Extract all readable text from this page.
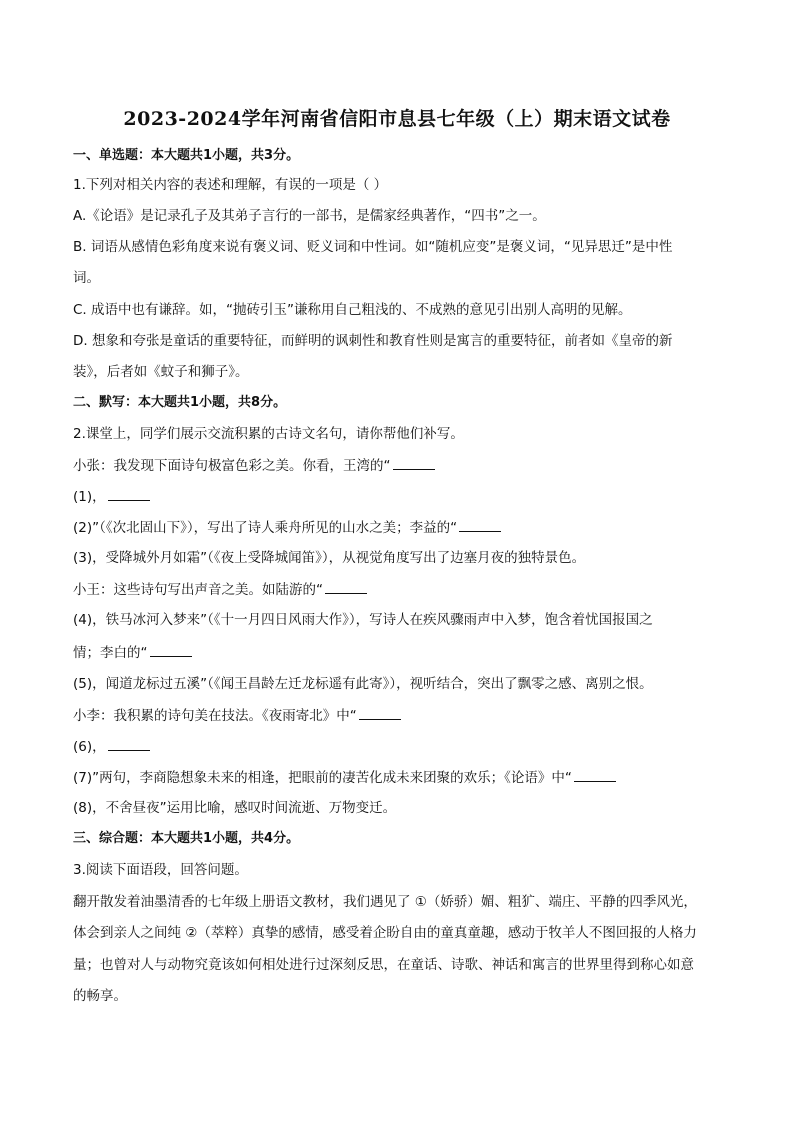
2023-2024学年河南省信阳市息县七年级（上）期末语文试卷
一、单选题：本大题共1小题，共3分。
1.下列对相关内容的表述和理解，有误的一项是（ ）
A.《论语》是记录孔子及其弟子言行的一部书，是儒家经典著作，“四书”之一。
B. 词语从感情色彩角度来说有褒义词、贬义词和中性词。如“随机应变”是褒义词，“见异思迁”是中性
词。
C. 成语中也有谦辞。如，“抛砖引玉”谦称用自己粗浅的、不成熟的意见引出别人高明的见解。
D. 想象和夸张是童话的重要特征，而鲜明的讽刺性和教育性则是寓言的重要特征，前者如《皇帝的新
装》，后者如《蚊子和狮子》。
二、默写：本大题共1小题，共8分。
2.课堂上，同学们展示交流积累的古诗文名句，请你帮他们补写。
小张：我发现下面诗句极富色彩之美。你看，王湾的“
(1)，
(2)”（《次北固山下》），写出了诗人乘舟所见的山水之美；李益的“
(3)，受降城外月如霜”（《夜上受降城闻笛》），从视觉角度写出了边塞月夜的独特景色。
小王：这些诗句写出声音之美。如陆游的“
(4)，铁马冰河入梦来”（《十一月四日风雨大作》），写诗人在疾风骤雨声中入梦，饱含着忧国报国之
情；李白的“
(5)，闻道龙标过五溪”（《闻王昌龄左迁龙标遥有此寄》），视听结合，突出了飘零之感、离别之恨。
小李：我积累的诗句美在技法。《夜雨寄北》中“
(6)，
(7)”两句，李商隐想象未来的相逢，把眼前的凄苦化成未来团聚的欢乐；《论语》中“
(8)，不舍昼夜”运用比喻，感叹时间流逝、万物变迁。
三、综合题：本大题共1小题，共4分。
3.阅读下面语段，回答问题。
翻开散发着油墨清香的七年级上册语文教材，我们遇见了 ①（娇骄）媚、粗犷、端庄、平静的四季风光，
体会到亲人之间纯 ②（萃粹）真挚的感情，感受着企盼自由的童真童趣，感动于牧羊人不图回报的人格力
量；也曾对人与动物究竟该如何相处进行过深刻反思，在童话、诗歌、神话和寓言的世界里得到称心如意
的畅享。
